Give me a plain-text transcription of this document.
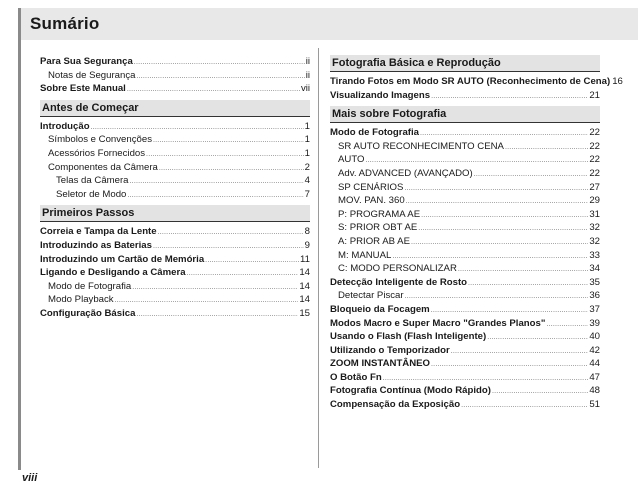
Sumário
Para Sua Segurança .....	ii
Notas de Segurança .....	ii
Sobre Este Manual .....	vii
Antes de Começar
Introdução .....	1
Símbolos e Convenções .....	1
Acessórios Fornecidos .....	1
Componentes da Câmera .....	2
Telas da Câmera .....	4
Seletor de Modo .....	7
Primeiros Passos
Correia e Tampa da Lente .....	8
Introduzindo as Baterias .....	9
Introduzindo um Cartão de Memória .....	11
Ligando e Desligando a Câmera .....	14
Modo de Fotografia .....	14
Modo Playback .....	14
Configuração Básica .....	15
Fotografia Básica e Reprodução
Tirando Fotos em Modo SR AUTO (Reconhecimento de Cena) 16
Visualizando Imagens .....	21
Mais sobre Fotografia
Modo de Fotografia .....	22
SR AUTO RECONHECIMENTO CENA .....	22
AUTO .....	22
Adv. ADVANCED (AVANÇADO) .....	22
SP CENÁRIOS .....	27
MOV. PAN. 360 .....	29
P: PROGRAMA AE .....	31
S: PRIOR OBT AE .....	32
A: PRIOR AB AE .....	32
M: MANUAL .....	33
C: MODO PERSONALIZAR .....	34
Detecção Inteligente de Rosto .....	35
Detectar Piscar .....	36
Bloqueio da Focagem .....	37
Modos Macro e Super Macro "Grandes Planos" .....	39
Usando o Flash (Flash Inteligente) .....	40
Utilizando o Temporizador .....	42
ZOOM INSTANTÂNEO .....	44
O Botão Fn .....	47
Fotografia Contínua (Modo Rápido) .....	48
Compensação da Exposição .....	51
viii
